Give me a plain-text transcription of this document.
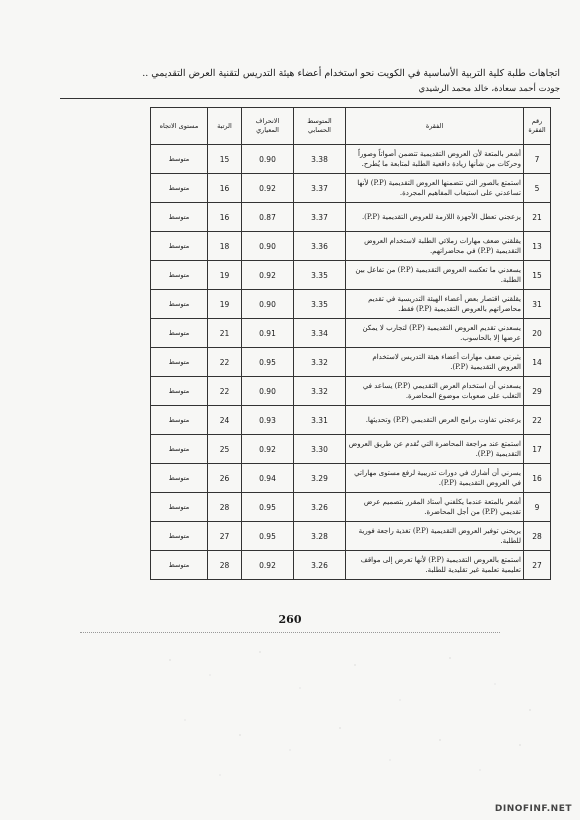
اتجاهات طلبة كلية التربية الأساسية في الكويت نحو استخدام أعضاء هيئة التدريس لتقنية العرض التقديمي ..
جودت أحمد سعادة، خالد محمد الرشيدي
رقم الفقرة	الفقرة	المتوسط الحسابي	الانحراف المعياري	الرتبة	مستوى الاتجاه
7	أشعر بالمتعة لأن العروض التقديمية تتضمن أصواتاً وصوراً وحركات من شأنها زيادة دافعية الطلبة لمتابعة ما يُطرح.	3.38	0.90	15	متوسط
5	استمتع بالصور التي تتضمنها العروض التقديمية (P.P) لأنها تساعدني على استيعاب المفاهيم المجردة.	3.37	0.92	16	متوسط
21	يزعجني تعطل الأجهزة اللازمة للعروض التقديمية (P.P).	3.37	0.87	16	متوسط
13	يقلقني ضعف مهارات زملائي الطلبة لاستخدام العروض التقديمية (P.P) في محاضراتهم.	3.36	0.90	18	متوسط
15	يسعدني ما تعكسه العروض التقديمية (P.P) من تفاعل بين الطلبة.	3.35	0.92	19	متوسط
31	يقلقني اقتصار بعض أعضاء الهيئة التدريسية في تقديم محاضراتهم بالعروض التقديمية (P.P) فقط.	3.35	0.90	19	متوسط
20	يسعدني تقديم العروض التقديمية (P.P) لتجارب لا يمكن عرضها إلا بالحاسوب.	3.34	0.91	21	متوسط
14	يثيرني ضعف مهارات أعضاء هيئة التدريس لاستخدام العروض التقديمية (P.P).	3.32	0.95	22	متوسط
29	يسعدني أن استخدام العرض التقديمي (P.P) يساعد في التغلب على صعوبات موضوع المحاضرة.	3.32	0.90	22	متوسط
22	يزعجني تفاوت برامج العرض التقديمي (P.P) وتحديثها.	3.31	0.93	24	متوسط
17	استمتع عند مراجعة المحاضرة التي تُقدم عن طريق العروض التقديمية (P.P).	3.30	0.92	25	متوسط
16	يسرني أن أشارك في دورات تدريبية لرفع مستوى مهاراتي في العروض التقديمية (P.P).	3.29	0.94	26	متوسط
9	أشعر بالمتعة عندما يكلفني أستاذ المقرر بتصميم عرض تقديمي (P.P) من أجل المحاضرة.	3.26	0.95	28	متوسط
28	يريحني توفير العروض التقديمية (P.P) تغذية راجعة فورية للطلبة.	3.28	0.95	27	متوسط
27	استمتع بالعروض التقديمية (P.P) لأنها تعرض إلى مواقف تعليمية تعلمية غير تقليدية للطلبة.	3.26	0.92	28	متوسط
260
DINOFINF.NET
